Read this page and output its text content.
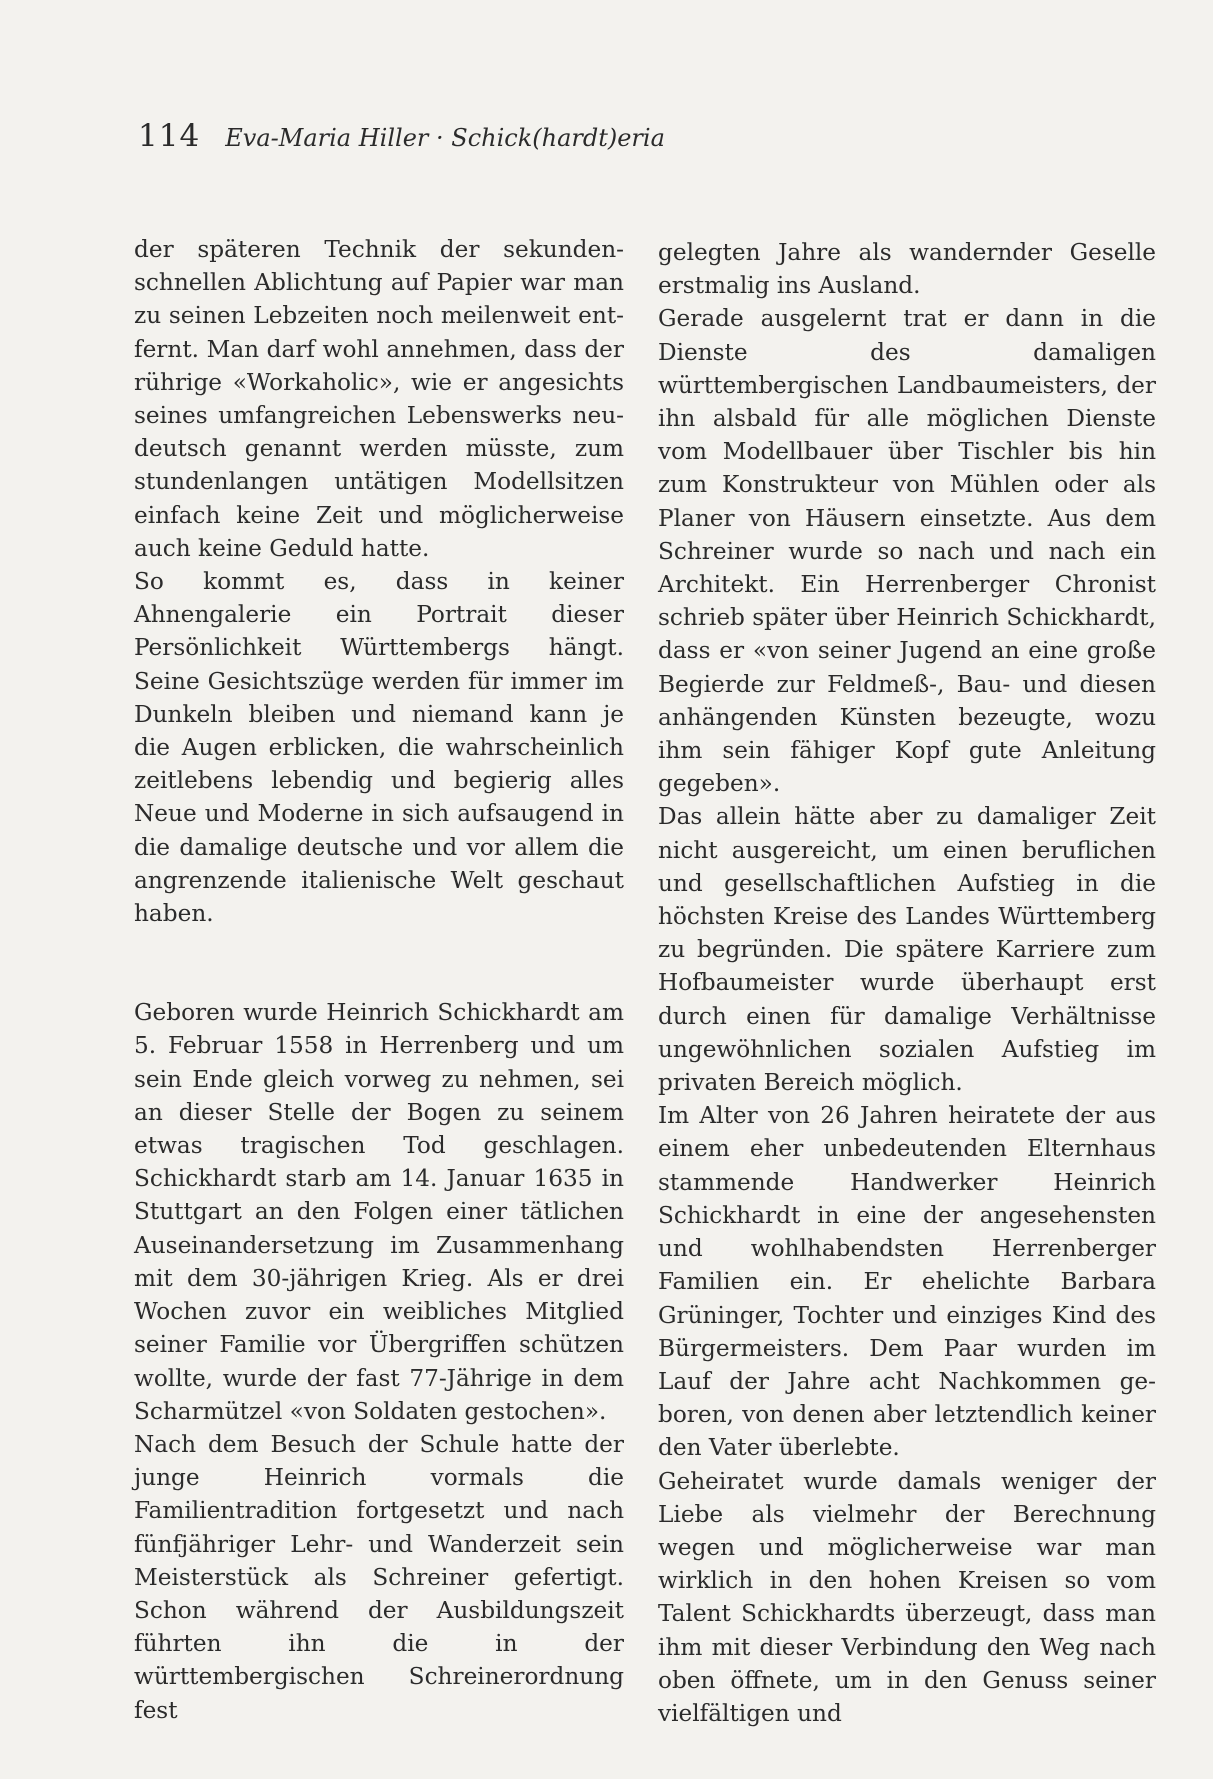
114 Eva-Maria Hiller · Schick(hardt)eria

der späteren Technik der sekundenschnellen Ablichtung auf Papier war man zu seinen Lebzeiten noch meilenweit entfernt. Man darf wohl annehmen, dass der rührige «Workaholic», wie er angesichts seines umfangreichen Lebenswerks neudeutsch genannt werden müsste, zum stundenlangen untätigen Modellsitzen einfach keine Zeit und möglicherweise auch keine Geduld hatte.

So kommt es, dass in keiner Ahnengalerie ein Portrait dieser Persönlichkeit Württembergs hängt. Seine Gesichtszüge werden für immer im Dunkeln bleiben und niemand kann je die Augen erblicken, die wahrscheinlich zeitlebens lebendig und begierig alles Neue und Moderne in sich aufsaugend in die damalige deutsche und vor allem die angrenzende italienische Welt geschaut haben.

Geboren wurde Heinrich Schickhardt am 5. Februar 1558 in Herrenberg und um sein Ende gleich vorweg zu nehmen, sei an dieser Stelle der Bogen zu seinem etwas tragischen Tod geschlagen. Schickhardt starb am 14. Januar 1635 in Stuttgart an den Folgen einer tätlichen Auseinandersetzung im Zusammenhang mit dem 30-jährigen Krieg. Als er drei Wochen zuvor ein weibliches Mitglied seiner Familie vor Übergriffen schützen wollte, wurde der fast 77-Jährige in dem Scharmützel «von Soldaten gestochen».

Nach dem Besuch der Schule hatte der junge Heinrich vormals die Familientradition fortgesetzt und nach fünfjähriger Lehr- und Wanderzeit sein Meisterstück als Schreiner gefertigt. Schon während der Ausbildungszeit führten ihn die in der württembergischen Schreinerordnung fest

gelegten Jahre als wandernder Geselle erstmalig ins Ausland.

Gerade ausgelernt trat er dann in die Dienste des damaligen württembergischen Landbaumeisters, der ihn alsbald für alle möglichen Dienste vom Modellbauer über Tischler bis hin zum Konstrukteur von Mühlen oder als Planer von Häusern einsetzte. Aus dem Schreiner wurde so nach und nach ein Architekt. Ein Herrenberger Chronist schrieb später über Heinrich Schickhardt, dass er «von seiner Jugend an eine große Begierde zur Feldmeß-, Bau- und diesen anhängenden Künsten bezeugte, wozu ihm sein fähiger Kopf gute Anleitung gegeben».

Das allein hätte aber zu damaliger Zeit nicht ausgereicht, um einen beruflichen und gesellschaftlichen Aufstieg in die höchsten Kreise des Landes Württemberg zu begründen. Die spätere Karriere zum Hofbaumeister wurde überhaupt erst durch einen für damalige Verhältnisse ungewöhnlichen sozialen Aufstieg im privaten Bereich möglich.

Im Alter von 26 Jahren heiratete der aus einem eher unbedeutenden Elternhaus stammende Handwerker Heinrich Schickhardt in eine der angesehensten und wohlhabendsten Herrenberger Familien ein. Er ehelichte Barbara Grüninger, Tochter und einziges Kind des Bürgermeisters. Dem Paar wurden im Lauf der Jahre acht Nachkommen geboren, von denen aber letztendlich keiner den Vater überlebte.

Geheiratet wurde damals weniger der Liebe als vielmehr der Berechnung wegen und möglicherweise war man wirklich in den hohen Kreisen so vom Talent Schickhardts überzeugt, dass man ihm mit dieser Verbindung den Weg nach oben öffnete, um in den Genuss seiner vielfältigen und
